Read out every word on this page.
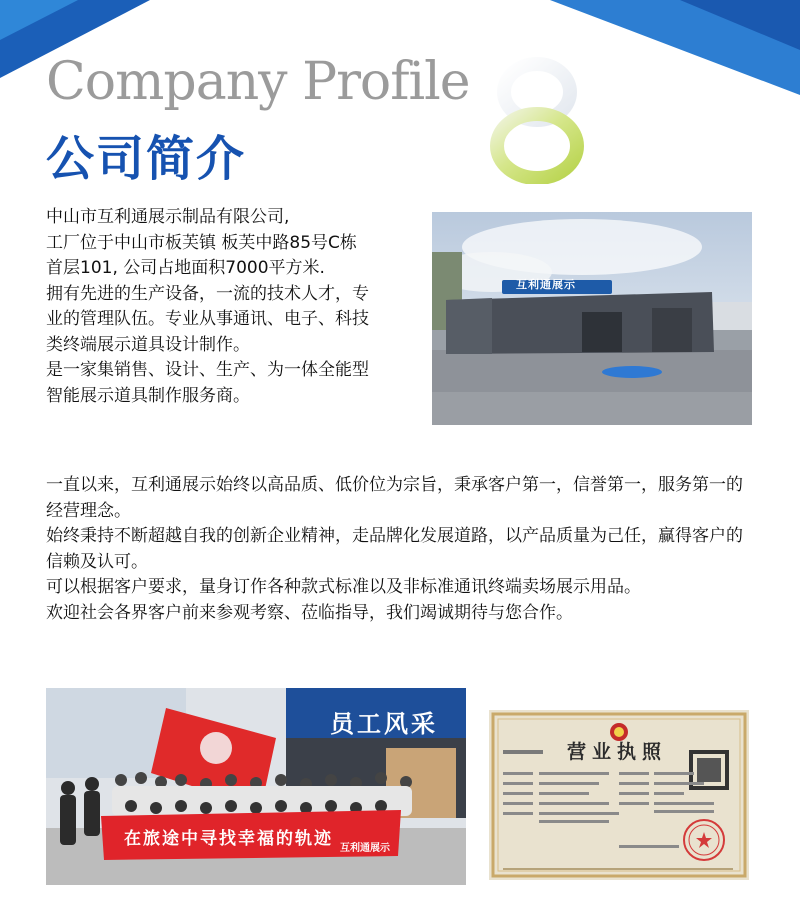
Company Profile
公司简介

中山市互利通展示制品有限公司,

工厂位于中山市板芙镇 板芙中路85号C栋

首层101, 公司占地面积7000平方米.

拥有先进的生产设备，一流的技术人才，专

业的管理队伍。专业从事通讯、电子、科技

类终端展示道具设计制作。

是一家集销售、设计、生产、为一体全能型

智能展示道具制作服务商。

互利通展示

一直以来，互利通展示始终以高品质、低价位为宗旨，秉承客户第一，信誉第一，服务第一的经营理念。

始终秉持不断超越自我的创新企业精神，走品牌化发展道路，以产品质量为己任，赢得客户的信赖及认可。

可以根据客户要求，量身订作各种款式标准以及非标准通讯终端卖场展示用品。

欢迎社会各界客户前来参观考察、莅临指导，我们竭诚期待与您合作。

员工风采
在旅途中寻找幸福的轨迹 互利通展示
营业执照
